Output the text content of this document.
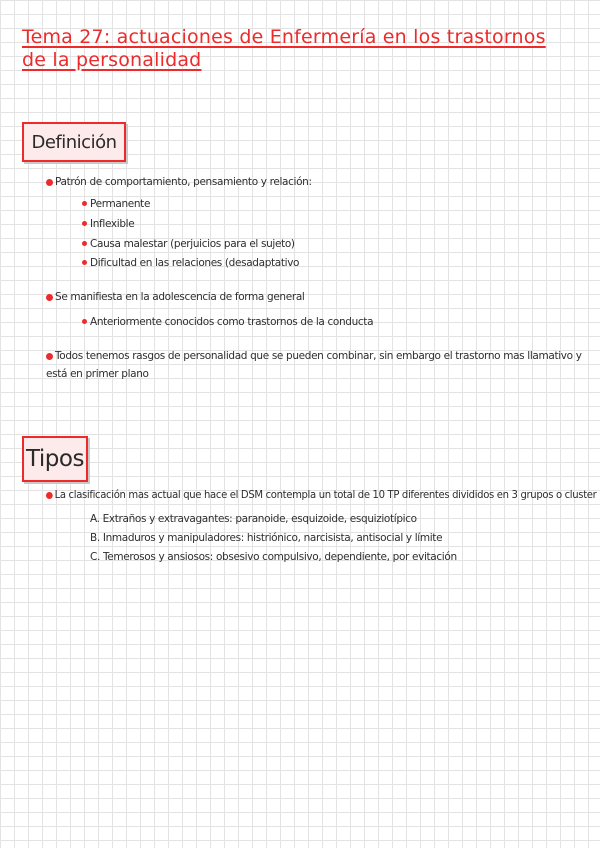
Tema 27: actuaciones de Enfermería en los trastornos
de la personalidad
Definición
Patrón de comportamiento, pensamiento y relación:
Permanente
Inflexible
Causa malestar (perjuicios para el sujeto)
Dificultad en las relaciones (desadaptativo
Se manifiesta en la adolescencia de forma general
Anteriormente conocidos como trastornos de la conducta
Todos tenemos rasgos de personalidad que se pueden combinar, sin embargo el trastorno mas llamativo y está en primer plano
Tipos
La clasificación mas actual que hace el DSM contempla un total de 10 TP diferentes divididos en 3 grupos o cluster
A. Extraños y extravagantes: paranoide, esquizoide, esquiziotípico
B. Inmaduros y manipuladores: histriónico, narcisista, antisocial y límite
C. Temerosos y ansiosos: obsesivo compulsivo, dependiente, por evitación
